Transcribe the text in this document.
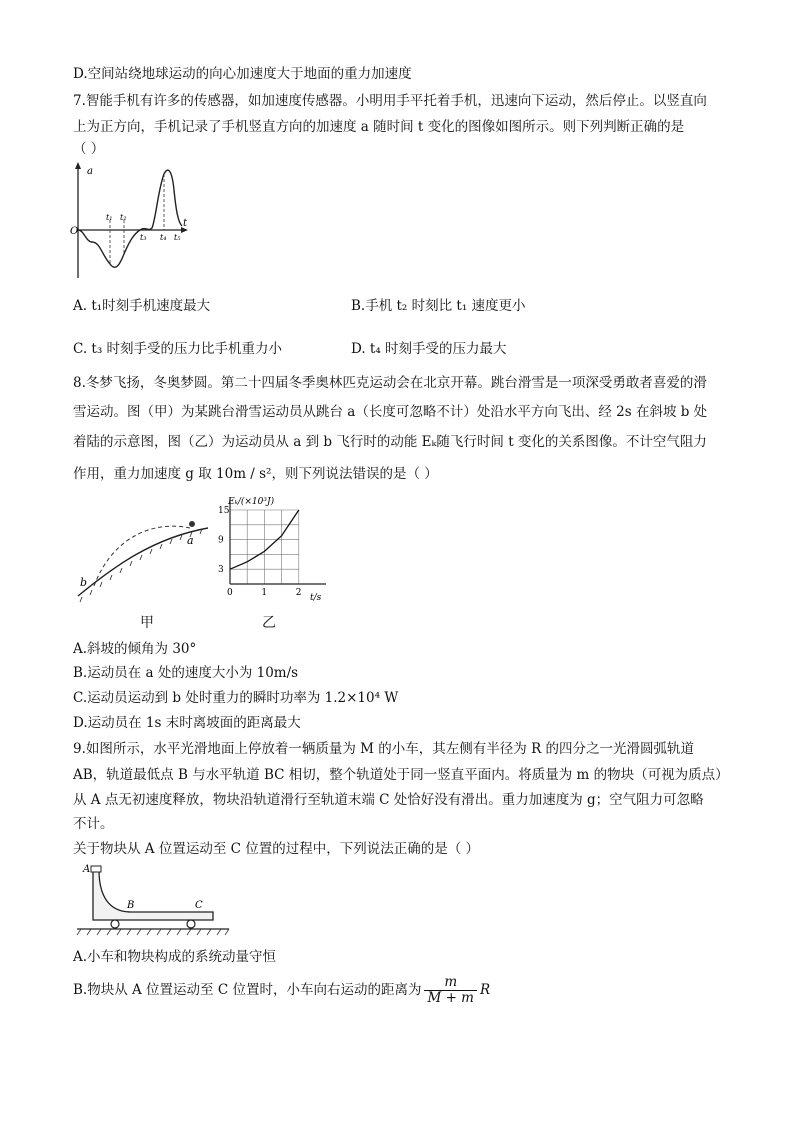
D.空间站绕地球运动的向心加速度大于地面的重力加速度
7.智能手机有许多的传感器，如加速度传感器。小明用手平托着手机，迅速向下运动，然后停止。以竖直向
上为正方向，手机记录了手机竖直方向的加速度 a 随时间 t 变化的图像如图所示。则下列判断正确的是
（ ）
a
t
O
t₁ t₂
t₃ t₄ t₅
A. t₁时刻手机速度最大	B.手机 t₂ 时刻比 t₁ 速度更小
C. t₃ 时刻手受的压力比手机重力小	D. t₄ 时刻手受的压力最大
8.冬梦飞扬，冬奥梦圆。第二十四届冬季奥林匹克运动会在北京开幕。跳台滑雪是一项深受勇敢者喜爱的滑
雪运动。图（甲）为某跳台滑雪运动员从跳台 a（长度可忽略不计）处沿水平方向飞出、经 2s 在斜坡 b 处
着陆的示意图，图（乙）为运动员从 a 到 b 飞行时的动能 Eₖ随飞行时间 t 变化的关系图像。不计空气阻力
作用，重力加速度 g 取 10m / s²，则下列说法错误的是（ ）
a
b
甲
Eₖ/(×10³J)
t/s
3
9
15
0	1	2
乙
A.斜坡的倾角为 30°
B.运动员在 a 处的速度大小为 10m/s
C.运动员运动到 b 处时重力的瞬时功率为 1.2×10⁴ W
D.运动员在 1s 末时离坡面的距离最大
9.如图所示，水平光滑地面上停放着一辆质量为 M 的小车，其左侧有半径为 R 的四分之一光滑圆弧轨道
AB，轨道最低点 B 与水平轨道 BC 相切，整个轨道处于同一竖直平面内。将质量为 m 的物块（可视为质点）
从 A 点无初速度释放，物块沿轨道滑行至轨道末端 C 处恰好没有滑出。重力加速度为 g；空气阻力可忽略
不计。
关于物块从 A 位置运动至 C 位置的过程中，下列说法正确的是（ ）
A
B	C
A.小车和物块构成的系统动量守恒
B.物块从 A 位置运动至 C 位置时，小车向右运动的距离为 $\frac{m}{M + m}$ R
